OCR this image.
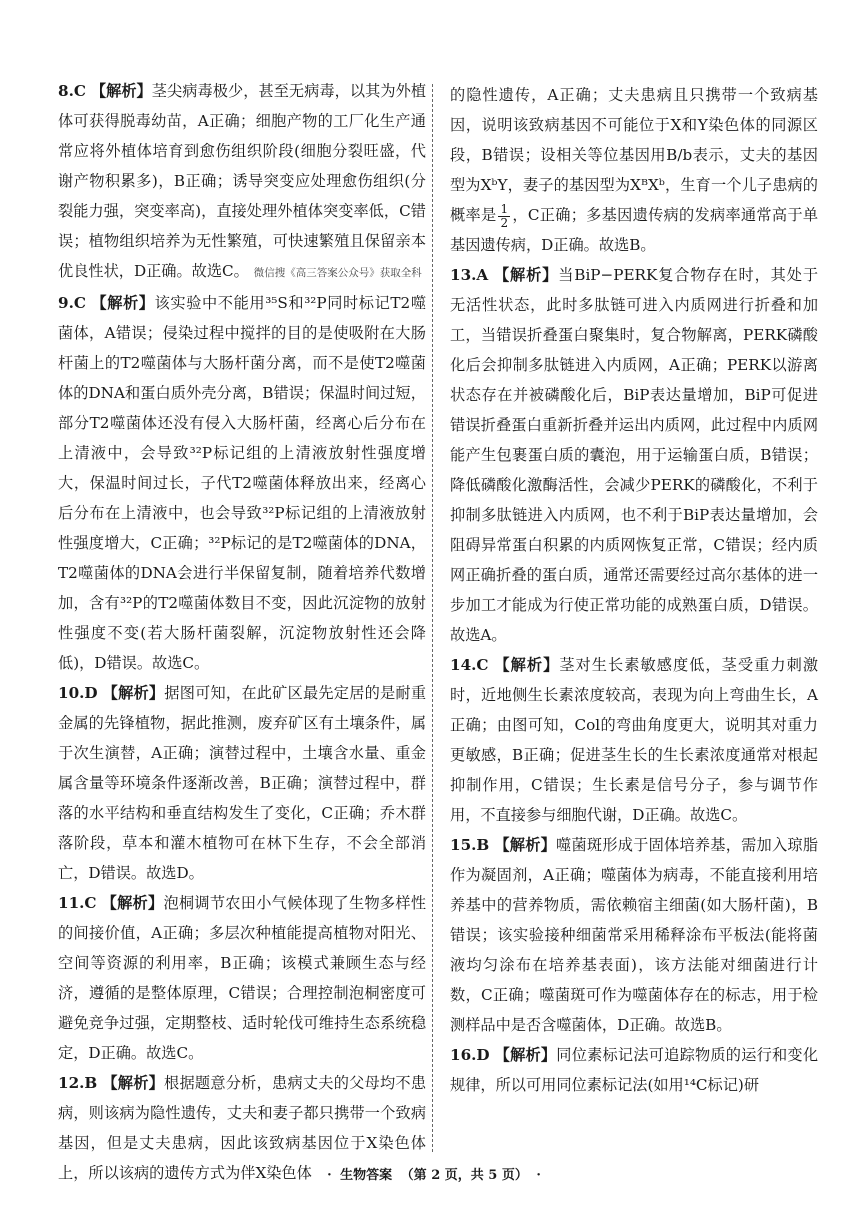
8.C 【解析】茎尖病毒极少，甚至无病毒，以其为外植体可获得脱毒幼苗，A正确；细胞产物的工厂化生产通常应将外植体培育到愈伤组织阶段(细胞分裂旺盛，代谢产物积累多)，B正确；诱导突变应处理愈伤组织(分裂能力强，突变率高)，直接处理外植体突变率低，C错误；植物组织培养为无性繁殖，可快速繁殖且保留亲本优良性状，D正确。故选C。 微信搜《高三答案公众号》获取全科
9.C 【解析】该实验中不能用³⁵S和³²P同时标记T2噬菌体，A错误；侵染过程中搅拌的目的是使吸附在大肠杆菌上的T2噬菌体与大肠杆菌分离，而不是使T2噬菌体的DNA和蛋白质外壳分离，B错误；保温时间过短，部分T2噬菌体还没有侵入大肠杆菌，经离心后分布在上清液中，会导致³²P标记组的上清液放射性强度增大，保温时间过长，子代T2噬菌体释放出来，经离心后分布在上清液中，也会导致³²P标记组的上清液放射性强度增大，C正确；³²P标记的是T2噬菌体的DNA，T2噬菌体的DNA会进行半保留复制，随着培养代数增加，含有³²P的T2噬菌体数目不变，因此沉淀物的放射性强度不变(若大肠杆菌裂解，沉淀物放射性还会降低)，D错误。故选C。
10.D 【解析】据图可知，在此矿区最先定居的是耐重金属的先锋植物，据此推测，废弃矿区有土壤条件，属于次生演替，A正确；演替过程中，土壤含水量、重金属含量等环境条件逐渐改善，B正确；演替过程中，群落的水平结构和垂直结构发生了变化，C正确；乔木群落阶段，草本和灌木植物可在林下生存，不会全部消亡，D错误。故选D。
11.C 【解析】泡桐调节农田小气候体现了生物多样性的间接价值，A正确；多层次种植能提高植物对阳光、空间等资源的利用率，B正确；该模式兼顾生态与经济，遵循的是整体原理，C错误；合理控制泡桐密度可避免竞争过强，定期整枝、适时轮伐可维持生态系统稳定，D正确。故选C。
12.B 【解析】根据题意分析，患病丈夫的父母均不患病，则该病为隐性遗传，丈夫和妻子都只携带一个致病基因，但是丈夫患病，因此该致病基因位于X染色体上，所以该病的遗传方式为伴X染色体
的隐性遗传，A正确；丈夫患病且只携带一个致病基因，说明该致病基因不可能位于X和Y染色体的同源区段，B错误；设相关等位基因用B/b表示，丈夫的基因型为XᵇY，妻子的基因型为XᴮXᵇ，生育一个儿子患病的概率是 $\frac{1}{2}$ ，C正确；多基因遗传病的发病率通常高于单基因遗传病，D正确。故选B。
13.A 【解析】当BiP−PERK复合物存在时，其处于无活性状态，此时多肽链可进入内质网进行折叠和加工，当错误折叠蛋白聚集时，复合物解离，PERK磷酸化后会抑制多肽链进入内质网，A正确；PERK以游离状态存在并被磷酸化后，BiP表达量增加，BiP可促进错误折叠蛋白重新折叠并运出内质网，此过程中内质网能产生包裹蛋白质的囊泡，用于运输蛋白质，B错误；降低磷酸化激酶活性，会减少PERK的磷酸化，不利于抑制多肽链进入内质网，也不利于BiP表达量增加，会阻碍异常蛋白积累的内质网恢复正常，C错误；经内质网正确折叠的蛋白质，通常还需要经过高尔基体的进一步加工才能成为行使正常功能的成熟蛋白质，D错误。故选A。
14.C 【解析】茎对生长素敏感度低，茎受重力刺激时，近地侧生长素浓度较高，表现为向上弯曲生长，A正确；由图可知，Col的弯曲角度更大，说明其对重力更敏感，B正确；促进茎生长的生长素浓度通常对根起抑制作用，C错误；生长素是信号分子，参与调节作用，不直接参与细胞代谢，D正确。故选C。
15.B 【解析】噬菌斑形成于固体培养基，需加入琼脂作为凝固剂，A正确；噬菌体为病毒，不能直接利用培养基中的营养物质，需依赖宿主细菌(如大肠杆菌)，B错误；该实验接种细菌常采用稀释涂布平板法(能将菌液均匀涂布在培养基表面)，该方法能对细菌进行计数，C正确；噬菌斑可作为噬菌体存在的标志，用于检测样品中是否含噬菌体，D正确。故选B。
16.D 【解析】同位素标记法可追踪物质的运行和变化规律，所以可用同位素标记法(如用¹⁴C标记)研
· 生物答案 （第 2 页，共 5 页） ·
